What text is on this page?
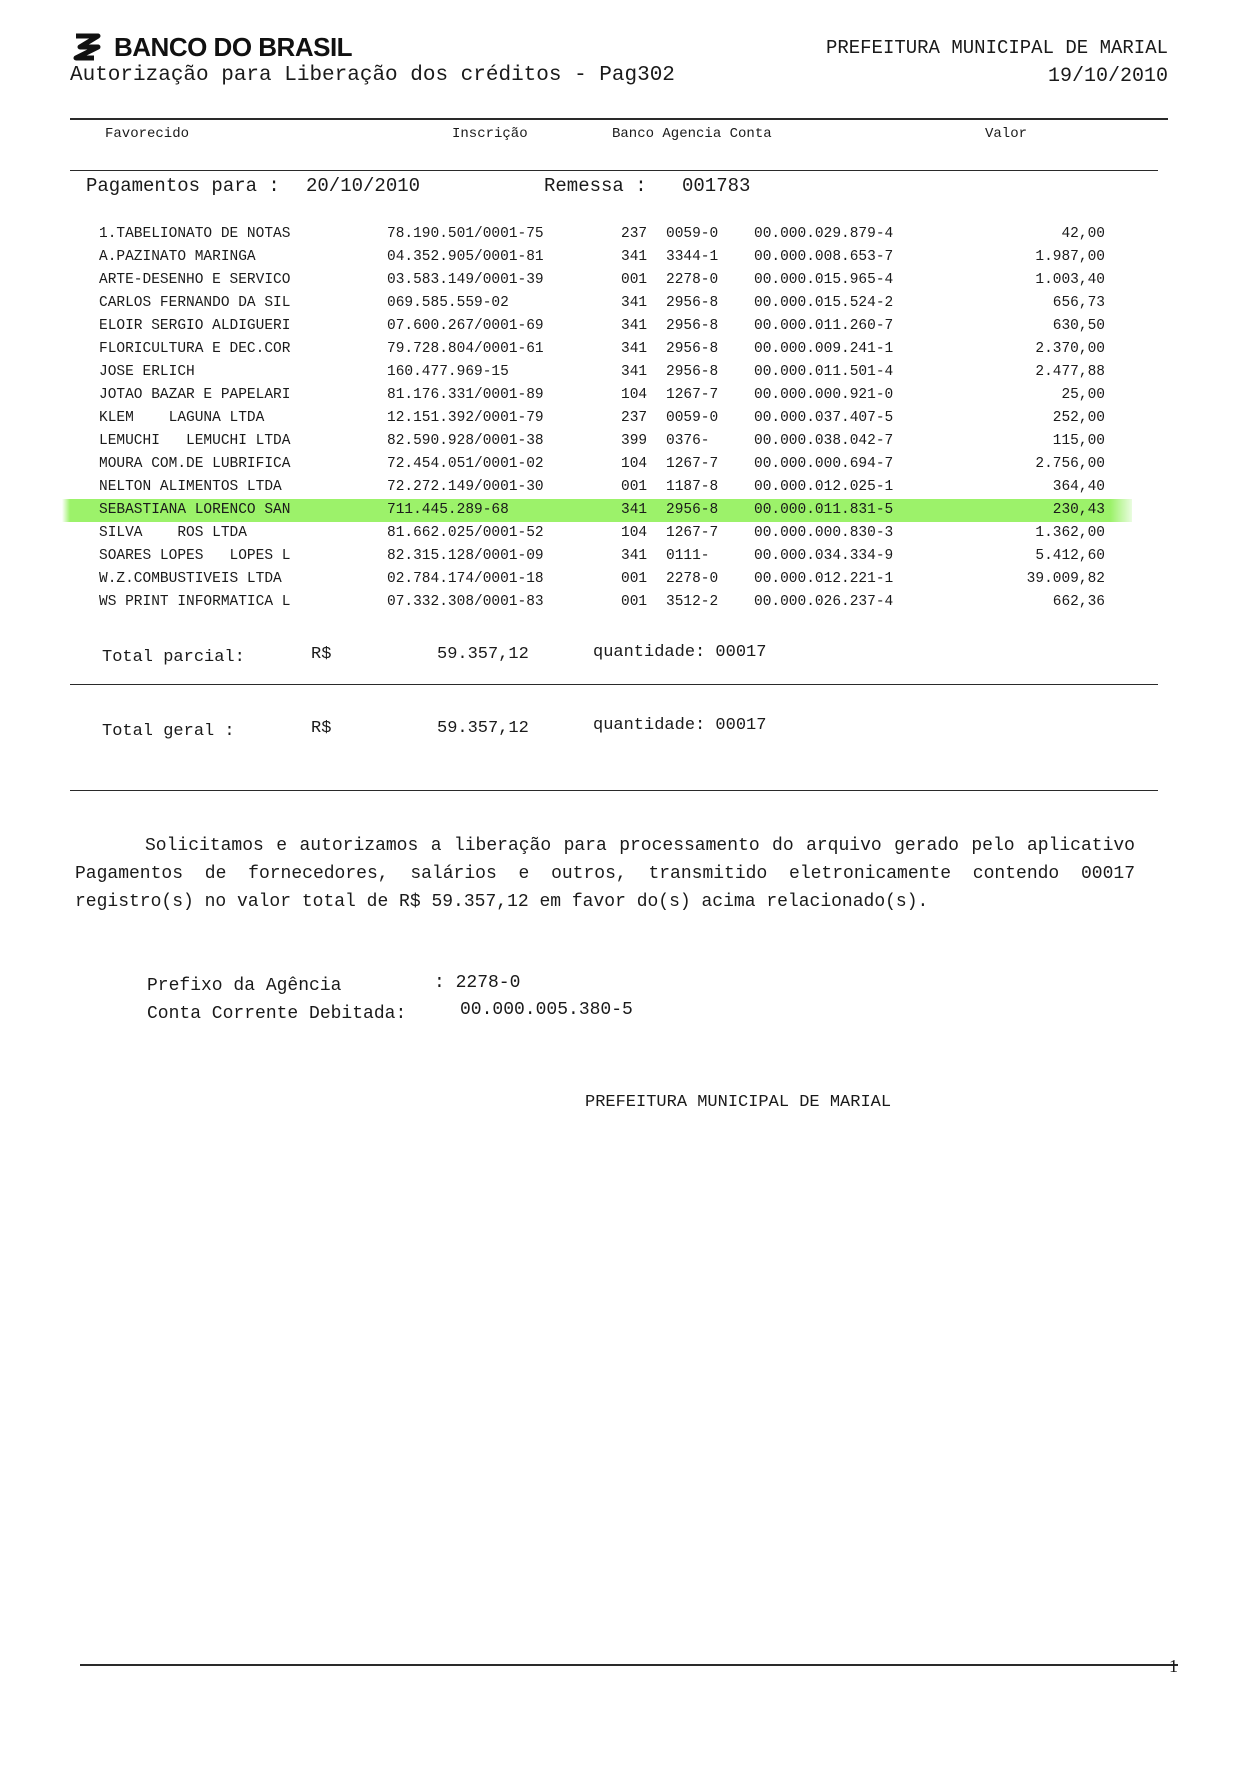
BANCO DO BRASIL
Autorização para Liberação dos créditos - Pag302
PREFEITURA MUNICIPAL DE MARIAL
19/10/2010
Favorecido	Inscrição	Banco Agencia Conta	Valor
Pagamentos para : 20/10/2010	Remessa : 001783
1.TABELIONATO DE NOTAS	78.190.501/0001-75	237 0059-0 00.000.029.879-4	42,00
A.PAZINATO MARINGA	04.352.905/0001-81	341 3344-1 00.000.008.653-7	1.987,00
ARTE-DESENHO E SERVICO	03.583.149/0001-39	001 2278-0 00.000.015.965-4	1.003,40
CARLOS FERNANDO DA SIL	069.585.559-02	341 2956-8 00.000.015.524-2	656,73
ELOIR SERGIO ALDIGUERI	07.600.267/0001-69	341 2956-8 00.000.011.260-7	630,50
FLORICULTURA E DEC.COR	79.728.804/0001-61	341 2956-8 00.000.009.241-1	2.370,00
JOSE ERLICH	160.477.969-15	341 2956-8 00.000.011.501-4	2.477,88
JOTAO BAZAR E PAPELARI	81.176.331/0001-89	104 1267-7 00.000.000.921-0	25,00
KLEM    LAGUNA LTDA	12.151.392/0001-79	237 0059-0 00.000.037.407-5	252,00
LEMUCHI   LEMUCHI LTDA	82.590.928/0001-38	399 0376-	00.000.038.042-7	115,00
MOURA COM.DE LUBRIFICA	72.454.051/0001-02	104 1267-7 00.000.000.694-7	2.756,00
NELTON ALIMENTOS LTDA	72.272.149/0001-30	001 1187-8 00.000.012.025-1	364,40
SEBASTIANA LORENCO SAN	711.445.289-68	341 2956-8 00.000.011.831-5	230,43
SILVA    ROS LTDA	81.662.025/0001-52	104 1267-7 00.000.000.830-3	1.362,00
SOARES LOPES   LOPES L	82.315.128/0001-09	341 0111-	00.000.034.334-9	5.412,60
W.Z.COMBUSTIVEIS LTDA	02.784.174/0001-18	001 2278-0 00.000.012.221-1	39.009,82
WS PRINT INFORMATICA L	07.332.308/0001-83	001 3512-2 00.000.026.237-4	662,36
Total parcial:	R$	59.357,12	quantidade: 00017
Total geral :	R$	59.357,12	quantidade: 00017
Solicitamos e autorizamos a liberação para processamento do arquivo gerado pelo aplicativo Pagamentos de fornecedores, salários e outros, transmitido eletronicamente contendo 00017 registro(s) no valor total de R$ 59.357,12 em favor do(s) acima relacionado(s).
Prefixo da Agência	: 2278-0
Conta Corrente Debitada:	00.000.005.380-5
PREFEITURA MUNICIPAL DE MARIAL
1
